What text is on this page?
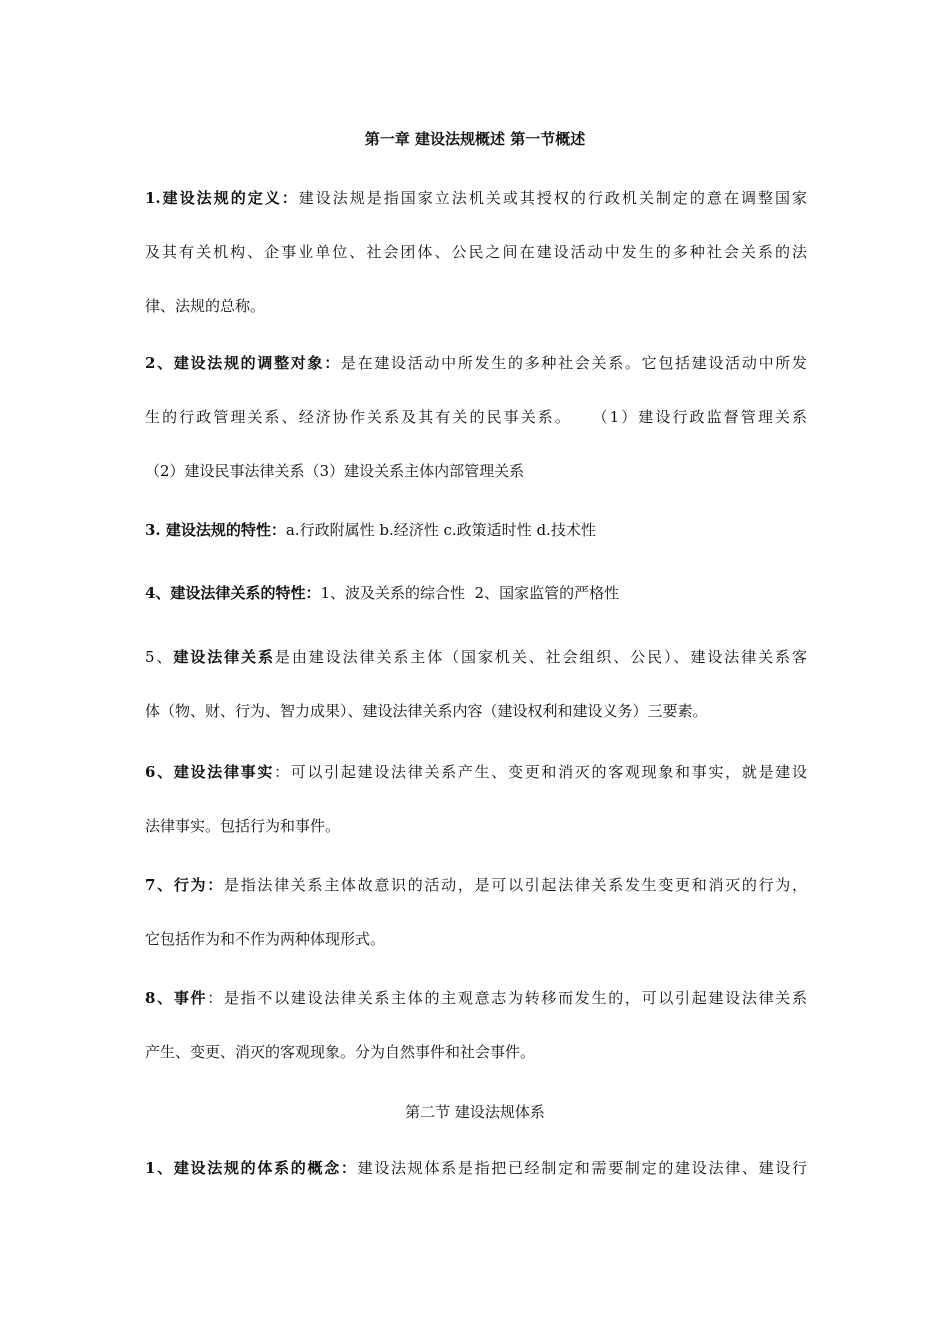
第一章 建设法规概述 第一节概述
1.建设法规的定义：建设法规是指国家立法机关或其授权的行政机关制定的意在调整国家
及其有关机构、企事业单位、社会团体、公民之间在建设活动中发生的多种社会关系的法
律、法规的总称。
2、建设法规的调整对象：是在建设活动中所发生的多种社会关系。它包括建设活动中所发
生的行政管理关系、经济协作关系及其有关的民事关系。   （1）建设行政监督管理关系
（2）建设民事法律关系（3）建设关系主体内部管理关系
3. 建设法规的特性：a.行政附属性 b.经济性 c.政策适时性 d.技术性
4、建设法律关系的特性：1、波及关系的综合性  2、国家监管的严格性
5、建设法律关系是由建设法律关系主体（国家机关、社会组织、公民）、建设法律关系客
体（物、财、行为、智力成果）、建设法律关系内容（建设权利和建设义务）三要素。
6、建设法律事实：可以引起建设法律关系产生、变更和消灭的客观现象和事实，就是建设
法律事实。包括行为和事件。
7、行为：是指法律关系主体故意识的活动，是可以引起法律关系发生变更和消灭的行为，
它包括作为和不作为两种体现形式。
8、事件：是指不以建设法律关系主体的主观意志为转移而发生的，可以引起建设法律关系
产生、变更、消灭的客观现象。分为自然事件和社会事件。
第二节 建设法规体系
1、建设法规的体系的概念：建设法规体系是指把已经制定和需要制定的建设法律、建设行
